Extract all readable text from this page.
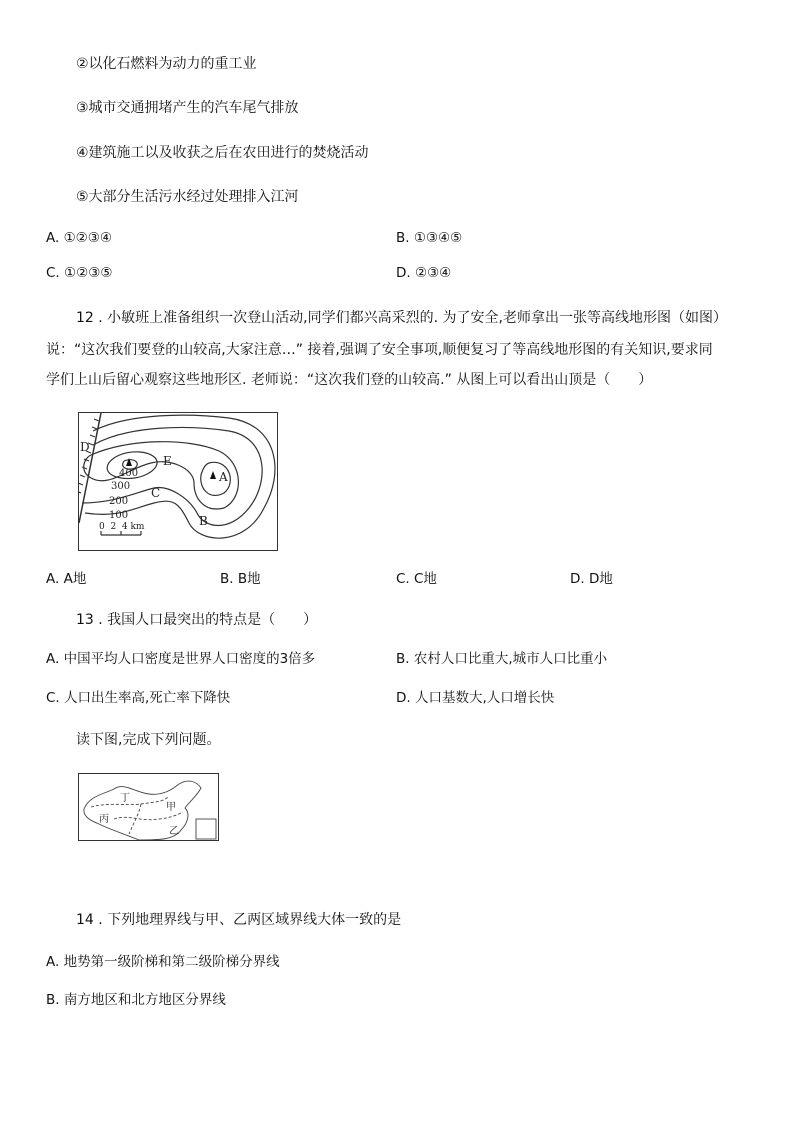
②以化石燃料为动力的重工业
③城市交通拥堵产生的汽车尾气排放
④建筑施工以及收获之后在农田进行的焚烧活动
⑤大部分生活污水经过处理排入江河
A. ①②③④	B. ①③④⑤
C. ①②③⑤	D. ②③④
12 . 小敏班上准备组织一次登山活动,同学们都兴高采烈的. 为了安全,老师拿出一张等高线地形图（如图）
说：“这次我们要登的山较高,大家注意…” 接着,强调了安全事项,顺便复习了等高线地形图的有关知识,要求同
学们上山后留心观察这些地形区. 老师说：“这次我们登的山较高.” 从图上可以看出山顶是（　　）
D
E
A
C
B
400
300
200
100
0  2  4 km
A. A地	B. B地	C. C地	D. D地
13 . 我国人口最突出的特点是（　　）
A. 中国平均人口密度是世界人口密度的3倍多	B. 农村人口比重大,城市人口比重小
C. 人口出生率高,死亡率下降快	D. 人口基数大,人口增长快
读下图,完成下列问题。
丁
甲
丙
乙
14 . 下列地理界线与甲、乙两区域界线大体一致的是
A. 地势第一级阶梯和第二级阶梯分界线
B. 南方地区和北方地区分界线
